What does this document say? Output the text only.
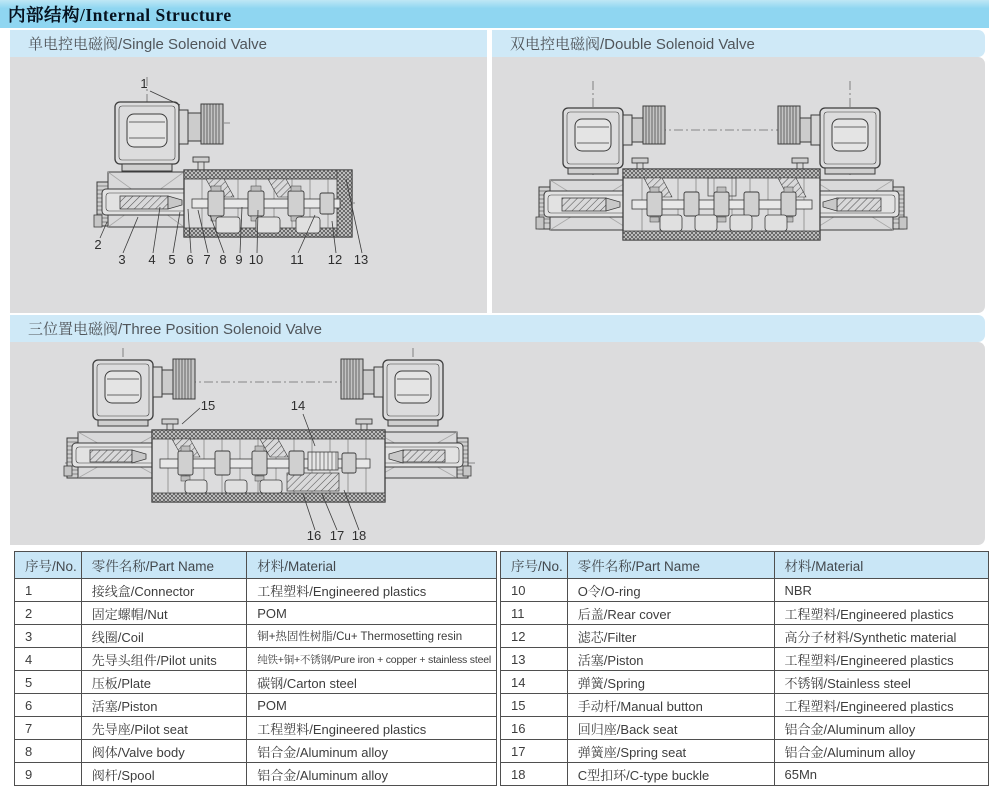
内部结构/Internal Structure
单电控电磁阀/Single Solenoid Valve
1
2
3 4 5 6 7 8 9 10 11 12 13
双电控电磁阀/Double Solenoid Valve
三位置电磁阀/Three Position Solenoid Valve
15	14
16 17 18
序号/No.	零件名称/Part Name	材料/Material
1	接线盒/Connector	工程塑料/Engineered plastics
2	固定螺帽/Nut	POM
3	线圈/Coil	铜+热固性树脂/Cu+ Thermosetting resin
4	先导头组件/Pilot units	纯铁+铜+不锈钢/Pure iron + copper + stainless steel
5	压板/Plate	碳钢/Carton steel
6	活塞/Piston	POM
7	先导座/Pilot seat	工程塑料/Engineered plastics
8	阀体/Valve body	铝合金/Aluminum alloy
9	阀杆/Spool	铝合金/Aluminum alloy
序号/No.	零件名称/Part Name	材料/Material
10	O令/O-ring	NBR
11	后盖/Rear cover	工程塑料/Engineered plastics
12	滤芯/Filter	高分子材料/Synthetic material
13	活塞/Piston	工程塑料/Engineered plastics
14	弹簧/Spring	不锈钢/Stainless steel
15	手动杆/Manual button	工程塑料/Engineered plastics
16	回归座/Back seat	铝合金/Aluminum alloy
17	弹簧座/Spring seat	铝合金/Aluminum alloy
18	C型扣环/C-type buckle	65Mn
